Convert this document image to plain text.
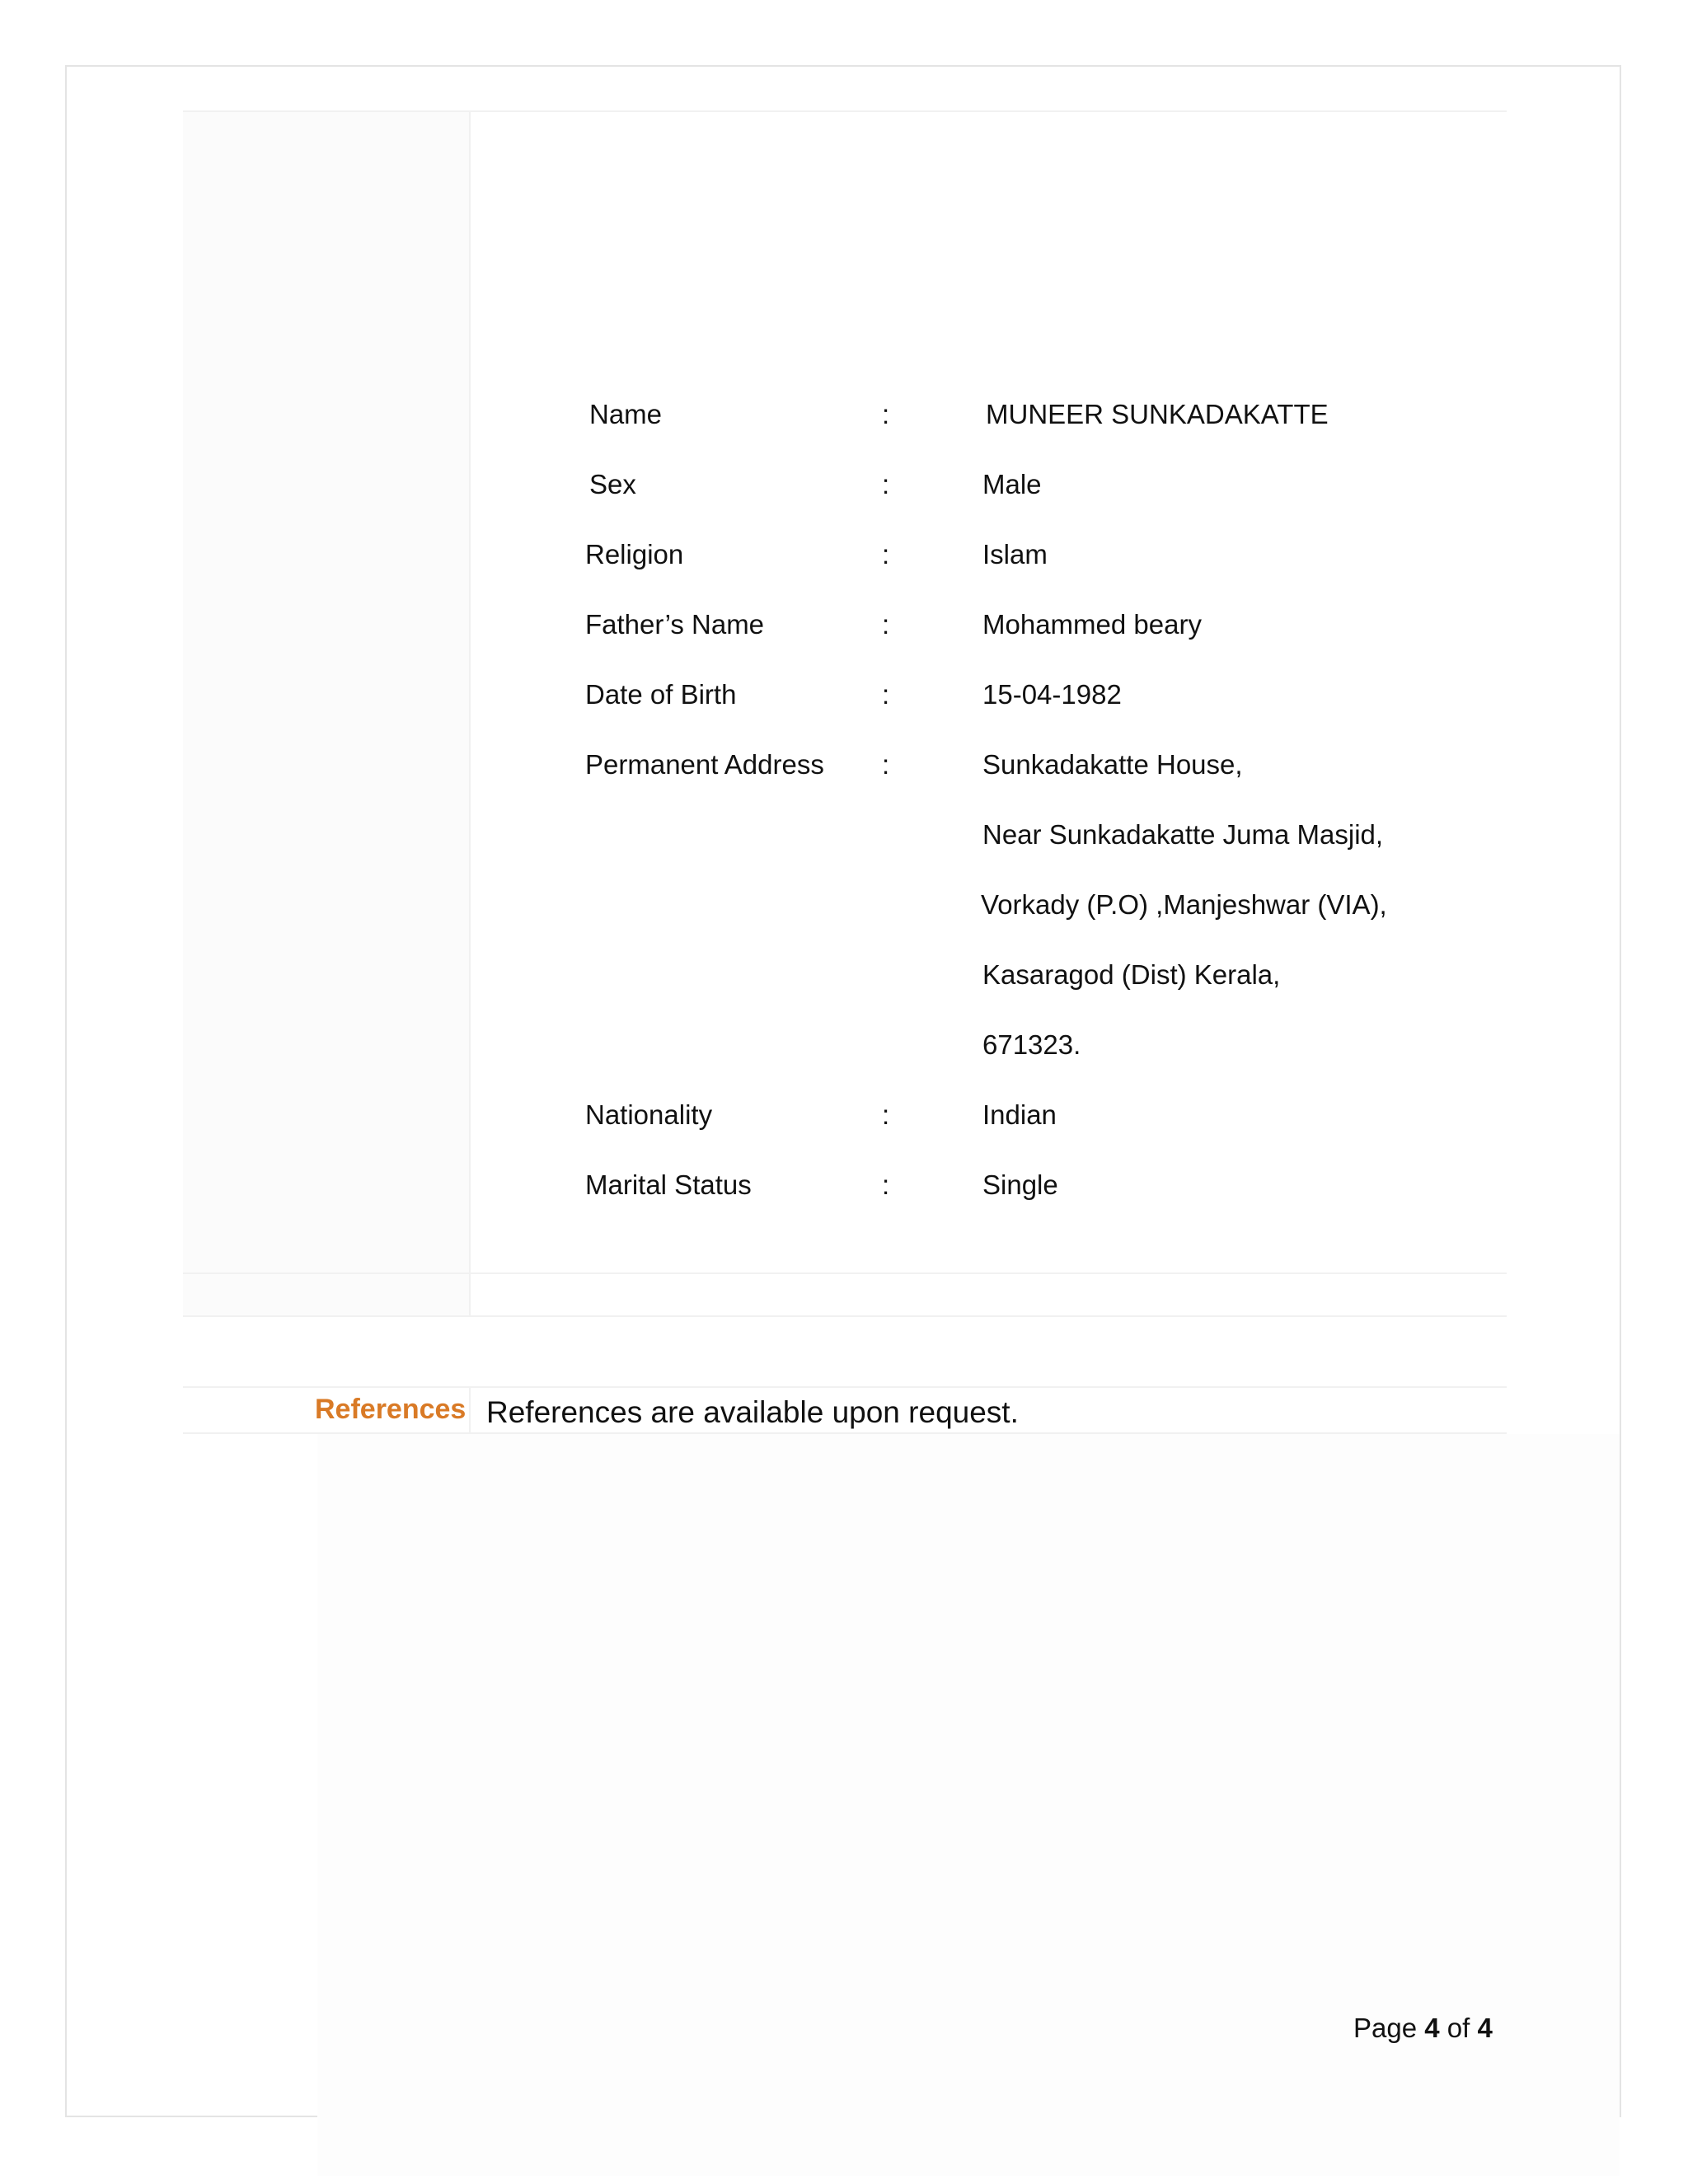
Name	:	MUNEER SUNKADAKATTE
Sex	:	Male
Religion	:	Islam
Father’s Name	:	Mohammed beary
Date of Birth	:	15-04-1982
Permanent Address :	Sunkadakatte House,
Near Sunkadakatte Juma Masjid,
Vorkady (P.O) ,Manjeshwar (VIA),
Kasaragod (Dist) Kerala,
671323.
Nationality	:	Indian
Marital Status	:	Single
References References are available upon request.
Page 4 of 4
